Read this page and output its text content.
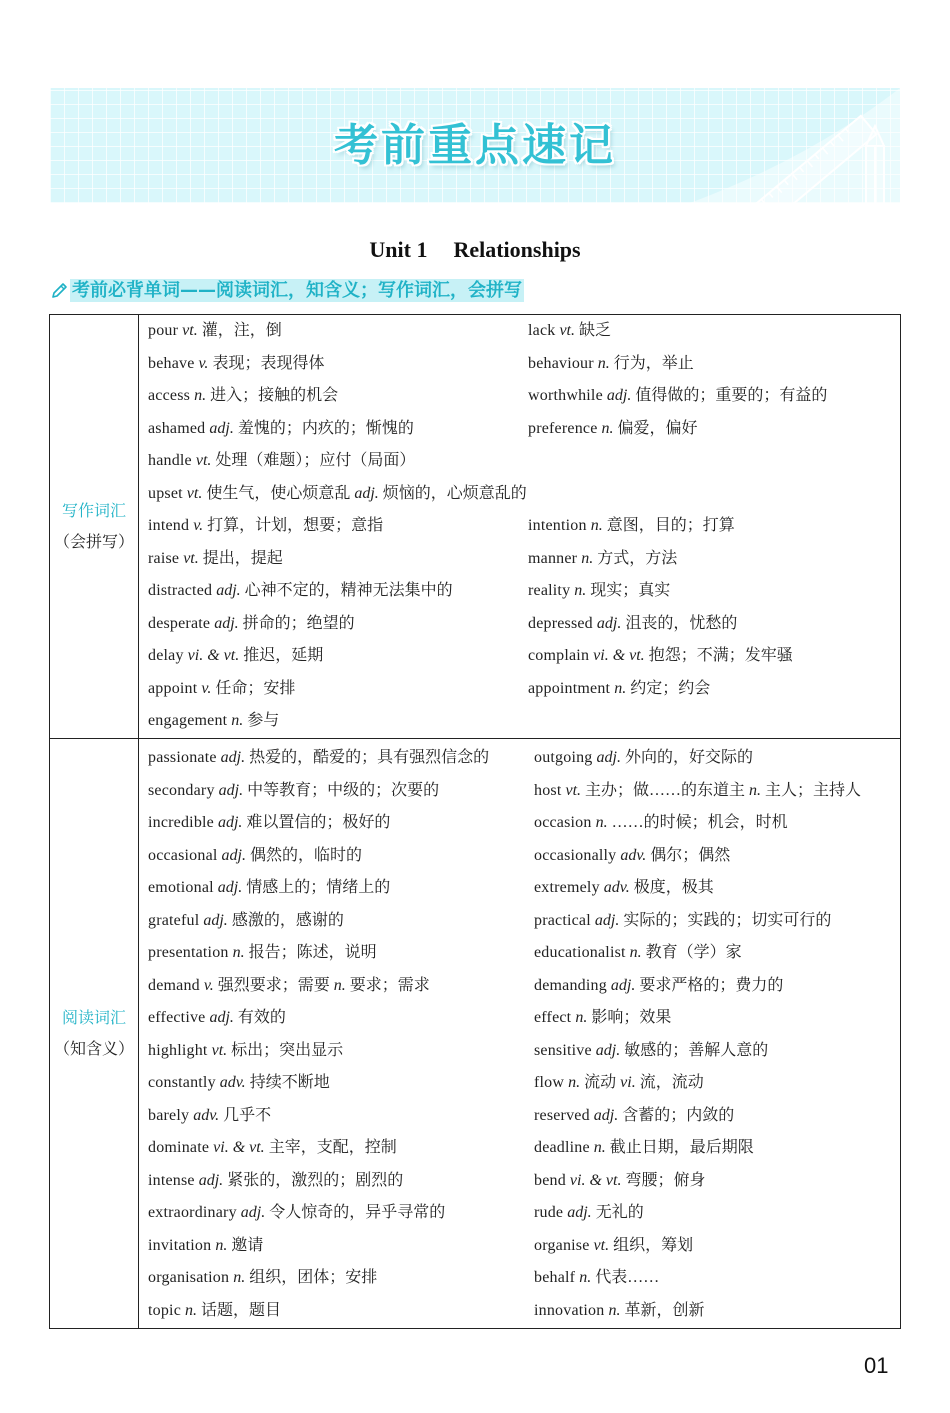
考前重点速记
Unit 1 Relationships
考前必背单词——阅读词汇，知含义；写作词汇，会拼写
写作词汇
（会拼写）
pour vt. 灌，注，倒	lack vt. 缺乏
behave v. 表现；表现得体	behaviour n. 行为，举止
access n. 进入；接触的机会	worthwhile adj. 值得做的；重要的；有益的
ashamed adj. 羞愧的；内疚的；惭愧的	preference n. 偏爱，偏好
handle vt. 处理（难题）；应付（局面）
upset vt. 使生气，使心烦意乱 adj. 烦恼的，心烦意乱的
intend v. 打算，计划，想要；意指	intention n. 意图，目的；打算
raise vt. 提出，提起	manner n. 方式，方法
distracted adj. 心神不定的，精神无法集中的	reality n. 现实；真实
desperate adj. 拼命的；绝望的	depressed adj. 沮丧的，忧愁的
delay vi. & vt. 推迟，延期	complain vi. & vt. 抱怨；不满；发牢骚
appoint v. 任命；安排	appointment n. 约定；约会
engagement n. 参与
阅读词汇
（知含义）
passionate adj. 热爱的，酷爱的；具有强烈信念的	outgoing adj. 外向的，好交际的
secondary adj. 中等教育；中级的；次要的	host vt. 主办；做……的东道主 n. 主人；主持人
incredible adj. 难以置信的；极好的	occasion n. ……的时候；机会，时机
occasional adj. 偶然的，临时的	occasionally adv. 偶尔；偶然
emotional adj. 情感上的；情绪上的	extremely adv. 极度，极其
grateful adj. 感激的，感谢的	practical adj. 实际的；实践的；切实可行的
presentation n. 报告；陈述，说明	educationalist n. 教育（学）家
demand v. 强烈要求；需要 n. 要求；需求	demanding adj. 要求严格的；费力的
effective adj. 有效的	effect n. 影响；效果
highlight vt. 标出；突出显示	sensitive adj. 敏感的；善解人意的
constantly adv. 持续不断地	flow n. 流动 vi. 流，流动
barely adv. 几乎不	reserved adj. 含蓄的；内敛的
dominate vi. & vt. 主宰，支配，控制	deadline n. 截止日期，最后期限
intense adj. 紧张的，激烈的；剧烈的	bend vi. & vt. 弯腰；俯身
extraordinary adj. 令人惊奇的，异乎寻常的	rude adj. 无礼的
invitation n. 邀请	organise vt. 组织，筹划
organisation n. 组织，团体；安排	behalf n. 代表……
topic n. 话题，题目	innovation n. 革新，创新
01
